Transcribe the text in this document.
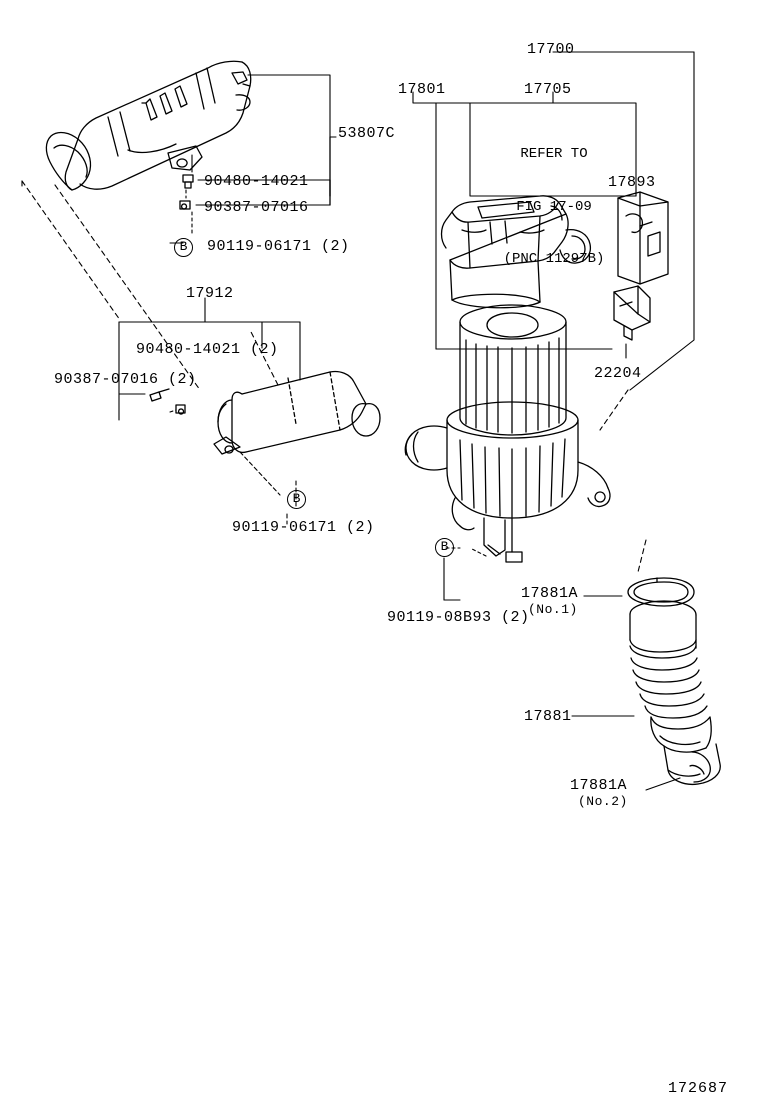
REFER TO

FIG 17-09

(PNC 11297B)

53807C
90480-14021
90387-07016
90119-06171 (2)
17912
90480-14021 (2)
90387-07016 (2)
90119-06171 (2)
17801
17700
17705
17893
22204
90119-08B93 (2)
17881A
(No.1)
17881
17881A
(No.2)
B
B
B
172687
